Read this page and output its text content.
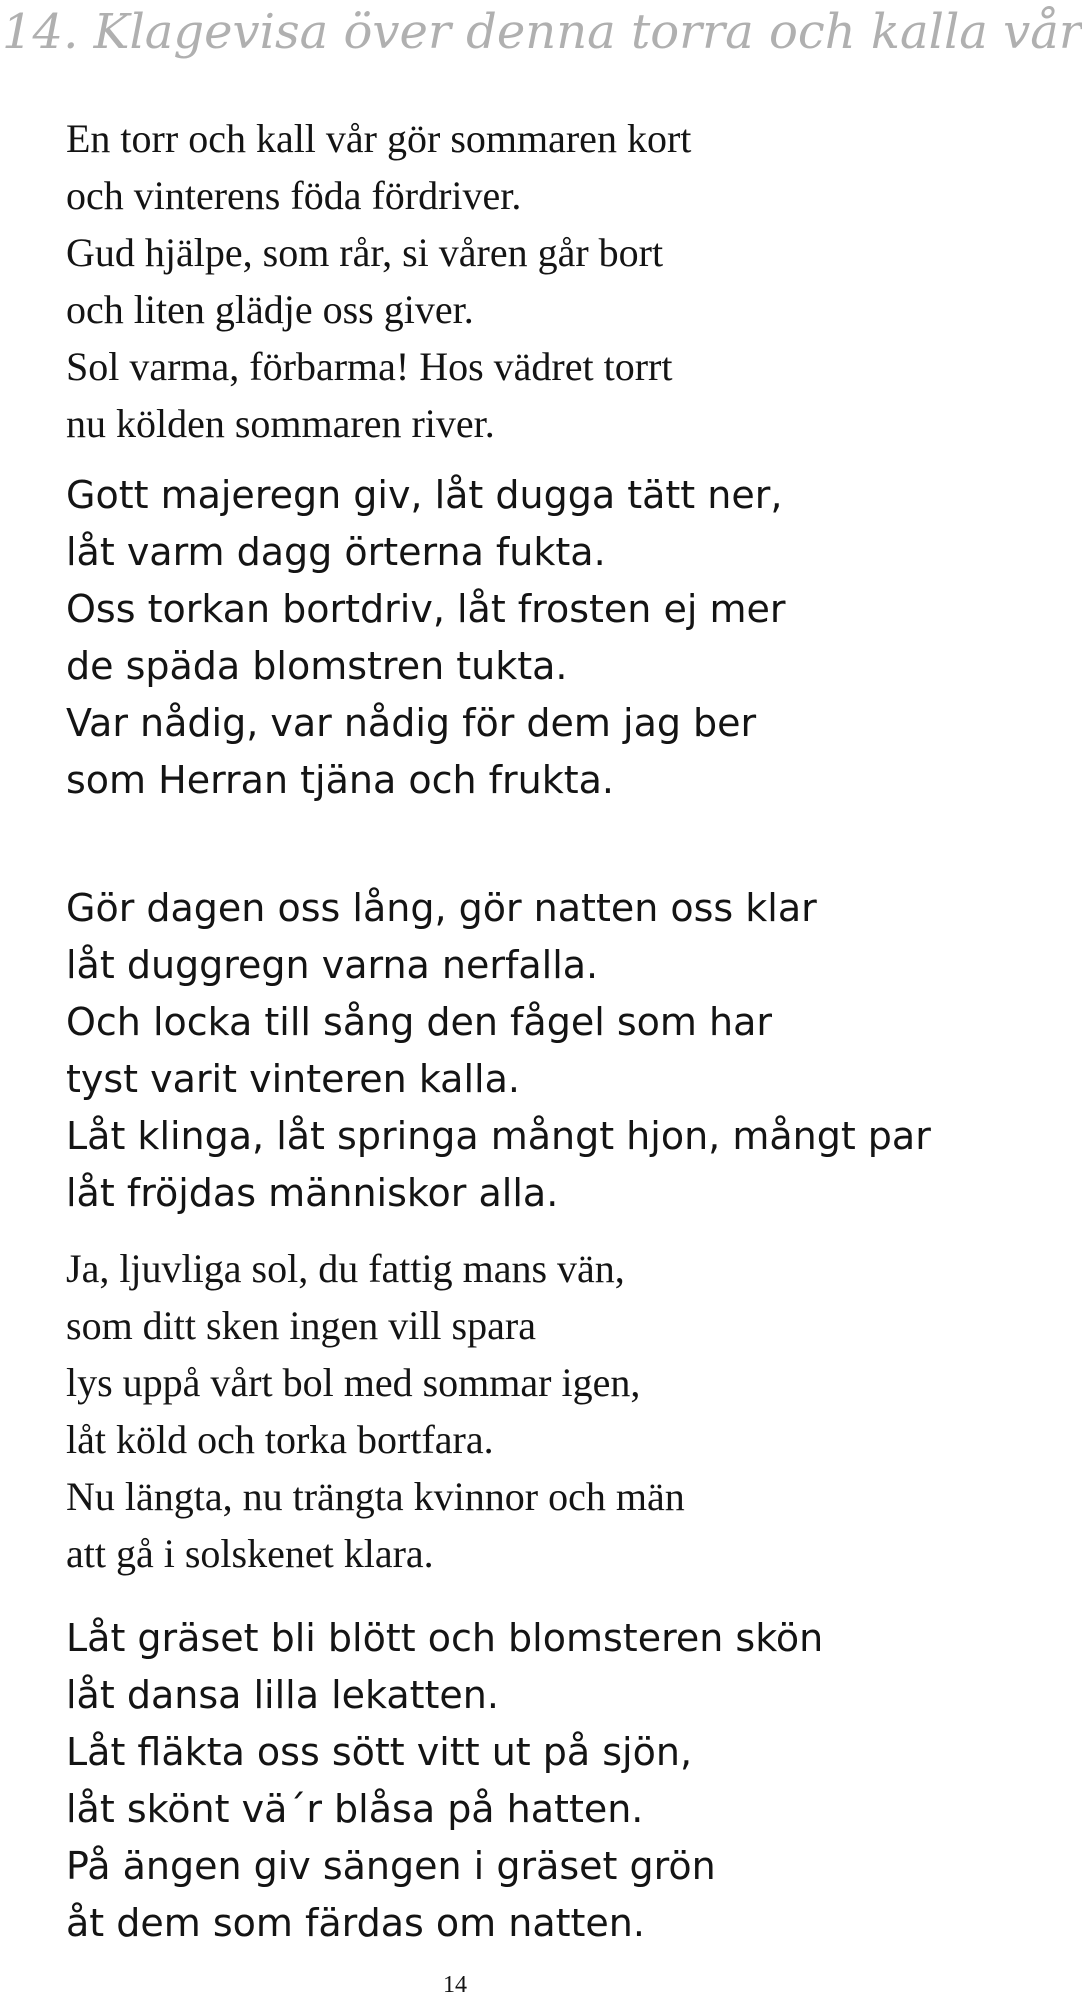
14. Klagevisa över denna torra och kalla vår

En torr och kall vår gör sommaren kort

och vinterens föda fördriver.

Gud hjälpe, som rår, si våren går bort

och liten glädje oss giver.

Sol varma, förbarma! Hos vädret torrt

nu kölden sommaren river.

Gott majeregn giv, låt dugga tätt ner,

låt varm dagg örterna fukta.

Oss torkan bortdriv, låt frosten ej mer

de späda blomstren tukta.

Var nådig, var nådig för dem jag ber

som Herran tjäna och frukta.

Gör dagen oss lång, gör natten oss klar

låt duggregn varna nerfalla.

Och locka till sång den fågel som har

tyst varit vinteren kalla.

Låt klinga, låt springa mångt hjon, mångt par

låt fröjdas människor alla.

Ja, ljuvliga sol, du fattig mans vän,

som ditt sken ingen vill spara

lys uppå vårt bol med sommar igen,

låt köld och torka bortfara.

Nu längta, nu trängta kvinnor och män

att gå i solskenet klara.

Låt gräset bli blött och blomsteren skön

låt dansa lilla lekatten.

Låt fläkta oss sött vitt ut på sjön,

låt skönt vä´r blåsa på hatten.

På ängen giv sängen i gräset grön

åt dem som färdas om natten.

14
